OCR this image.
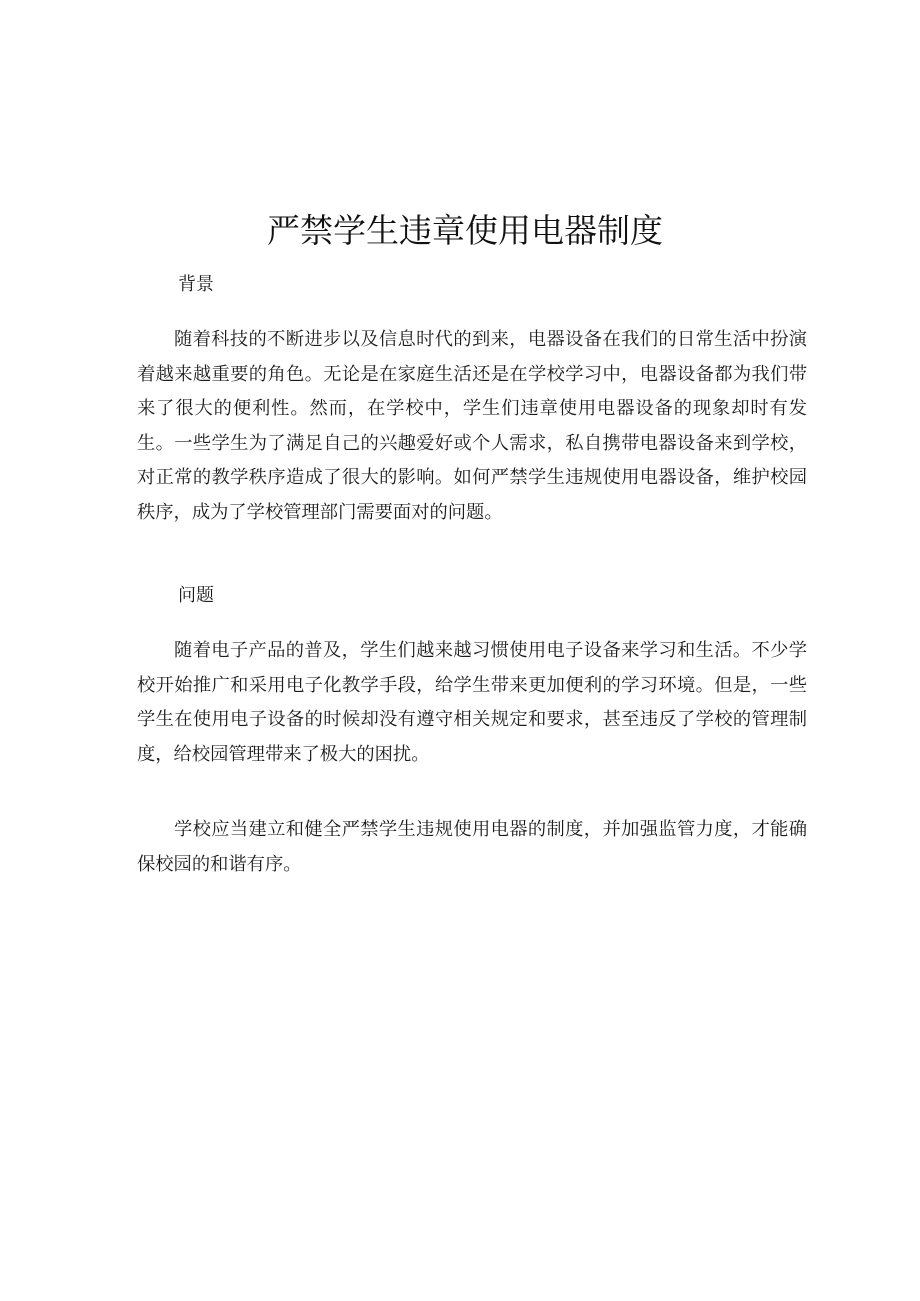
严禁学生违章使用电器制度
背景

随着科技的不断进步以及信息时代的到来，电器设备在我们的日常生活中扮演着越来越重要的角色。无论是在家庭生活还是在学校学习中，电器设备都为我们带来了很大的便利性。然而，在学校中，学生们违章使用电器设备的现象却时有发生。一些学生为了满足自己的兴趣爱好或个人需求，私自携带电器设备来到学校，对正常的教学秩序造成了很大的影响。如何严禁学生违规使用电器设备，维护校园秩序，成为了学校管理部门需要面对的问题。

问题

随着电子产品的普及，学生们越来越习惯使用电子设备来学习和生活。不少学校开始推广和采用电子化教学手段，给学生带来更加便利的学习环境。但是，一些学生在使用电子设备的时候却没有遵守相关规定和要求，甚至违反了学校的管理制度，给校园管理带来了极大的困扰。

学校应当建立和健全严禁学生违规使用电器的制度，并加强监管力度，才能确保校园的和谐有序。
